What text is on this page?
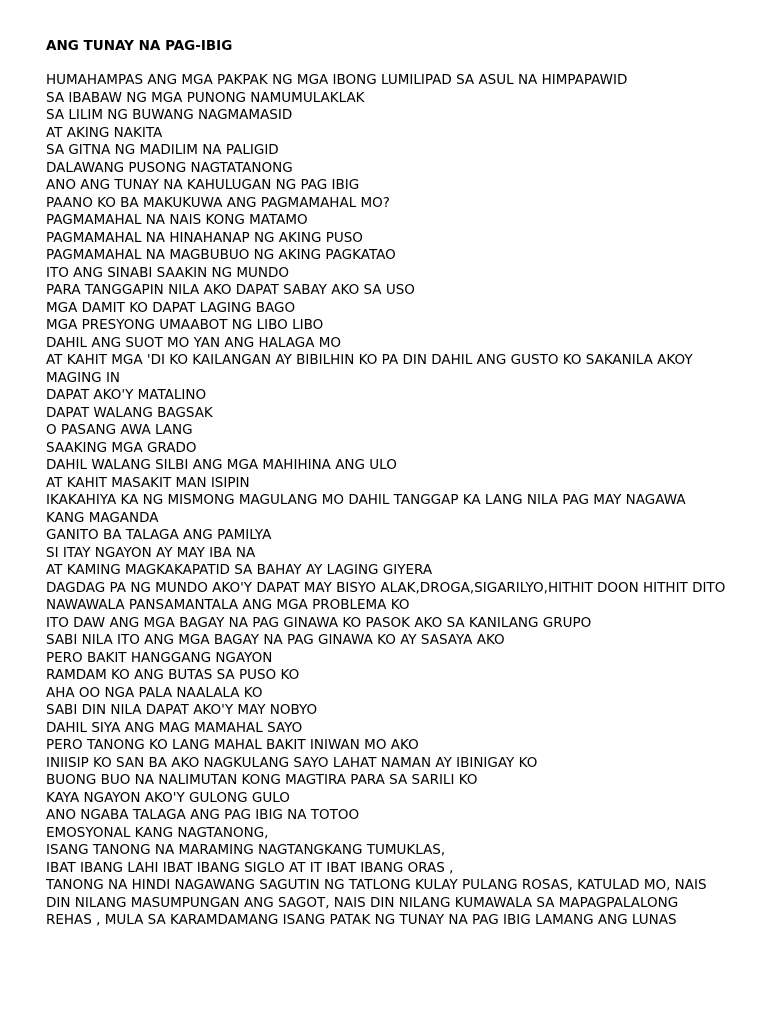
ANG TUNAY NA PAG-IBIG

HUMAHAMPAS ANG MGA PAKPAK NG MGA IBONG LUMILIPAD SA ASUL NA HIMPAPAWID

SA IBABAW NG MGA PUNONG NAMUMULAKLAK

SA LILIM NG BUWANG NAGMAMASID

AT AKING NAKITA

SA GITNA NG MADILIM NA PALIGID

DALAWANG PUSONG NAGTATANONG

ANO ANG TUNAY NA KAHULUGAN NG PAG IBIG

PAANO KO BA MAKUKUWA ANG PAGMAMAHAL MO?

PAGMAMAHAL NA NAIS KONG MATAMO

PAGMAMAHAL NA HINAHANAP NG AKING PUSO

PAGMAMAHAL NA MAGBUBUO NG AKING PAGKATAO

ITO ANG SINABI SAAKIN NG MUNDO

PARA TANGGAPIN NILA AKO DAPAT SABAY AKO SA USO

MGA DAMIT KO DAPAT LAGING BAGO

MGA PRESYONG UMAABOT NG LIBO LIBO

DAHIL ANG SUOT MO YAN ANG HALAGA MO

AT KAHIT MGA 'DI KO KAILANGAN AY BIBILHIN KO PA DIN DAHIL ANG GUSTO KO SAKANILA AKOY MAGING IN

DAPAT AKO'Y MATALINO

DAPAT WALANG BAGSAK

O PASANG AWA LANG

SAAKING MGA GRADO

DAHIL WALANG SILBI ANG MGA MAHIHINA ANG ULO

AT KAHIT MASAKIT MAN ISIPIN

IKAKAHIYA KA NG MISMONG MAGULANG MO DAHIL TANGGAP KA LANG NILA PAG MAY NAGAWA KANG MAGANDA

GANITO BA TALAGA ANG PAMILYA

SI ITAY NGAYON AY MAY IBA NA

AT KAMING MAGKAKAPATID SA BAHAY AY LAGING GIYERA

DAGDAG PA NG MUNDO AKO'Y DAPAT MAY BISYO ALAK,DROGA,SIGARILYO,HITHIT DOON HITHIT DITO

NAWAWALA PANSAMANTALA ANG MGA PROBLEMA KO

ITO DAW ANG MGA BAGAY NA PAG GINAWA KO PASOK AKO SA KANILANG GRUPO

SABI NILA ITO ANG MGA BAGAY NA PAG GINAWA KO AY SASAYA AKO

PERO BAKIT HANGGANG NGAYON

RAMDAM KO ANG BUTAS SA PUSO KO

AHA OO NGA PALA NAALALA KO

SABI DIN NILA DAPAT AKO'Y MAY NOBYO

DAHIL SIYA ANG MAG MAMAHAL SAYO

PERO TANONG KO LANG MAHAL BAKIT INIWAN MO AKO

INIISIP KO SAN BA AKO NAGKULANG SAYO LAHAT NAMAN AY IBINIGAY KO

BUONG BUO NA NALIMUTAN KONG MAGTIRA PARA SA SARILI KO

KAYA NGAYON AKO'Y GULONG GULO

ANO NGABA TALAGA ANG PAG IBIG NA TOTOO

EMOSYONAL KANG NAGTANONG,

ISANG TANONG NA MARAMING NAGTANGKANG TUMUKLAS,

IBAT IBANG LAHI IBAT IBANG SIGLO AT IT IBAT IBANG ORAS ,

TANONG NA HINDI NAGAWANG SAGUTIN NG TATLONG KULAY PULANG ROSAS, KATULAD MO, NAIS DIN NILANG MASUMPUNGAN ANG SAGOT, NAIS DIN NILANG KUMAWALA SA MAPAGPALALONG REHAS , MULA SA KARAMDAMANG ISANG PATAK NG TUNAY NA PAG IBIG LAMANG ANG LUNAS
